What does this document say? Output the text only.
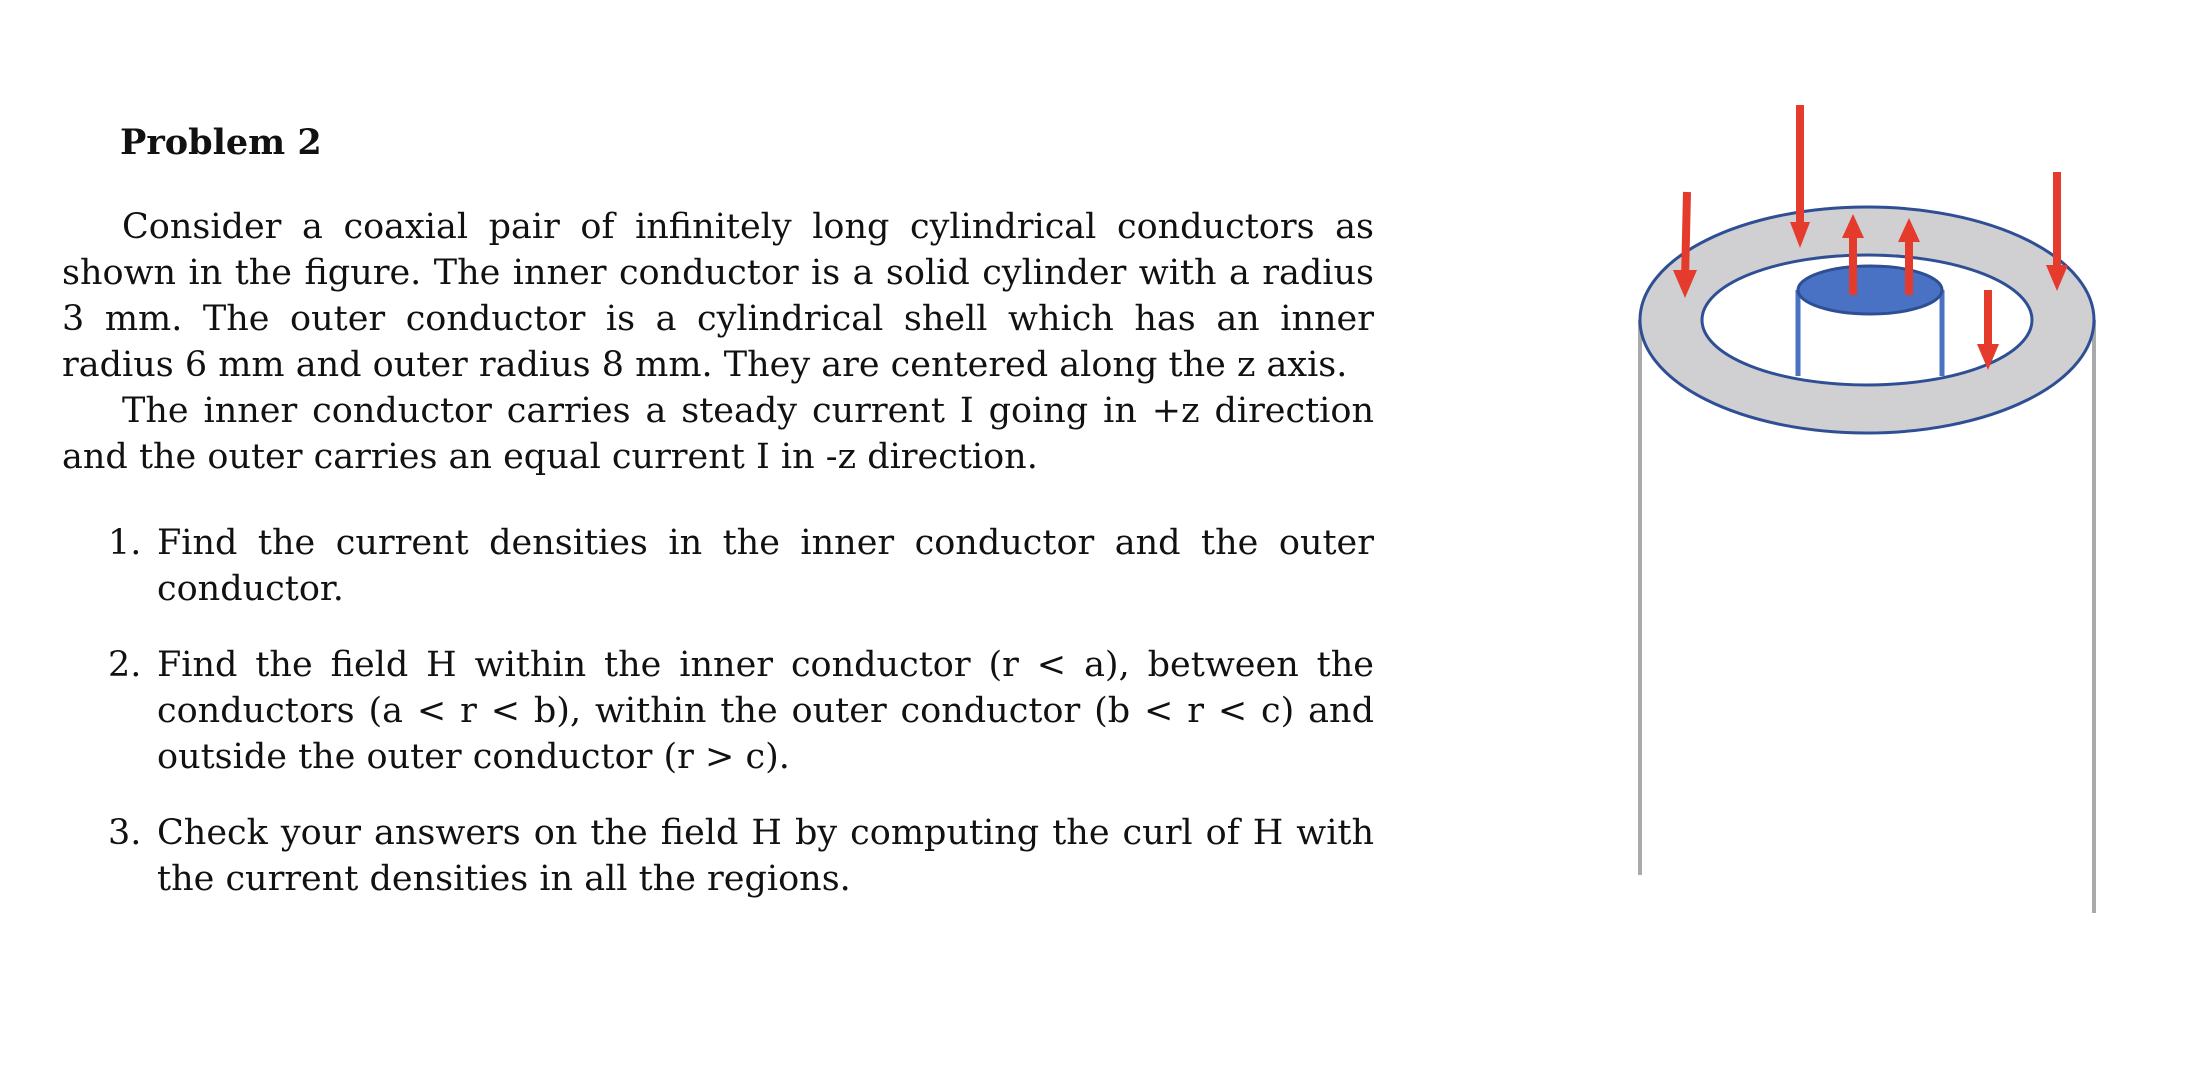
Problem 2

Consider a coaxial pair of infinitely long cylindrical conductors as shown in the figure. The inner conductor is a solid cylinder with a radius 3 mm. The outer conductor is a cylindrical shell which has an inner radius 6 mm and outer radius 8 mm. They are centered along the z axis.

The inner conductor carries a steady current I going in +z direction and the outer carries an equal current I in -z direction.

1. Find the current densities in the inner conductor and the outer conductor.
2. Find the field H within the inner conductor (r < a), between the conductors (a < r < b), within the outer conductor (b < r < c) and outside the outer conductor (r > c).
3. Check your answers on the field H by computing the curl of H with the current densities in all the regions.
